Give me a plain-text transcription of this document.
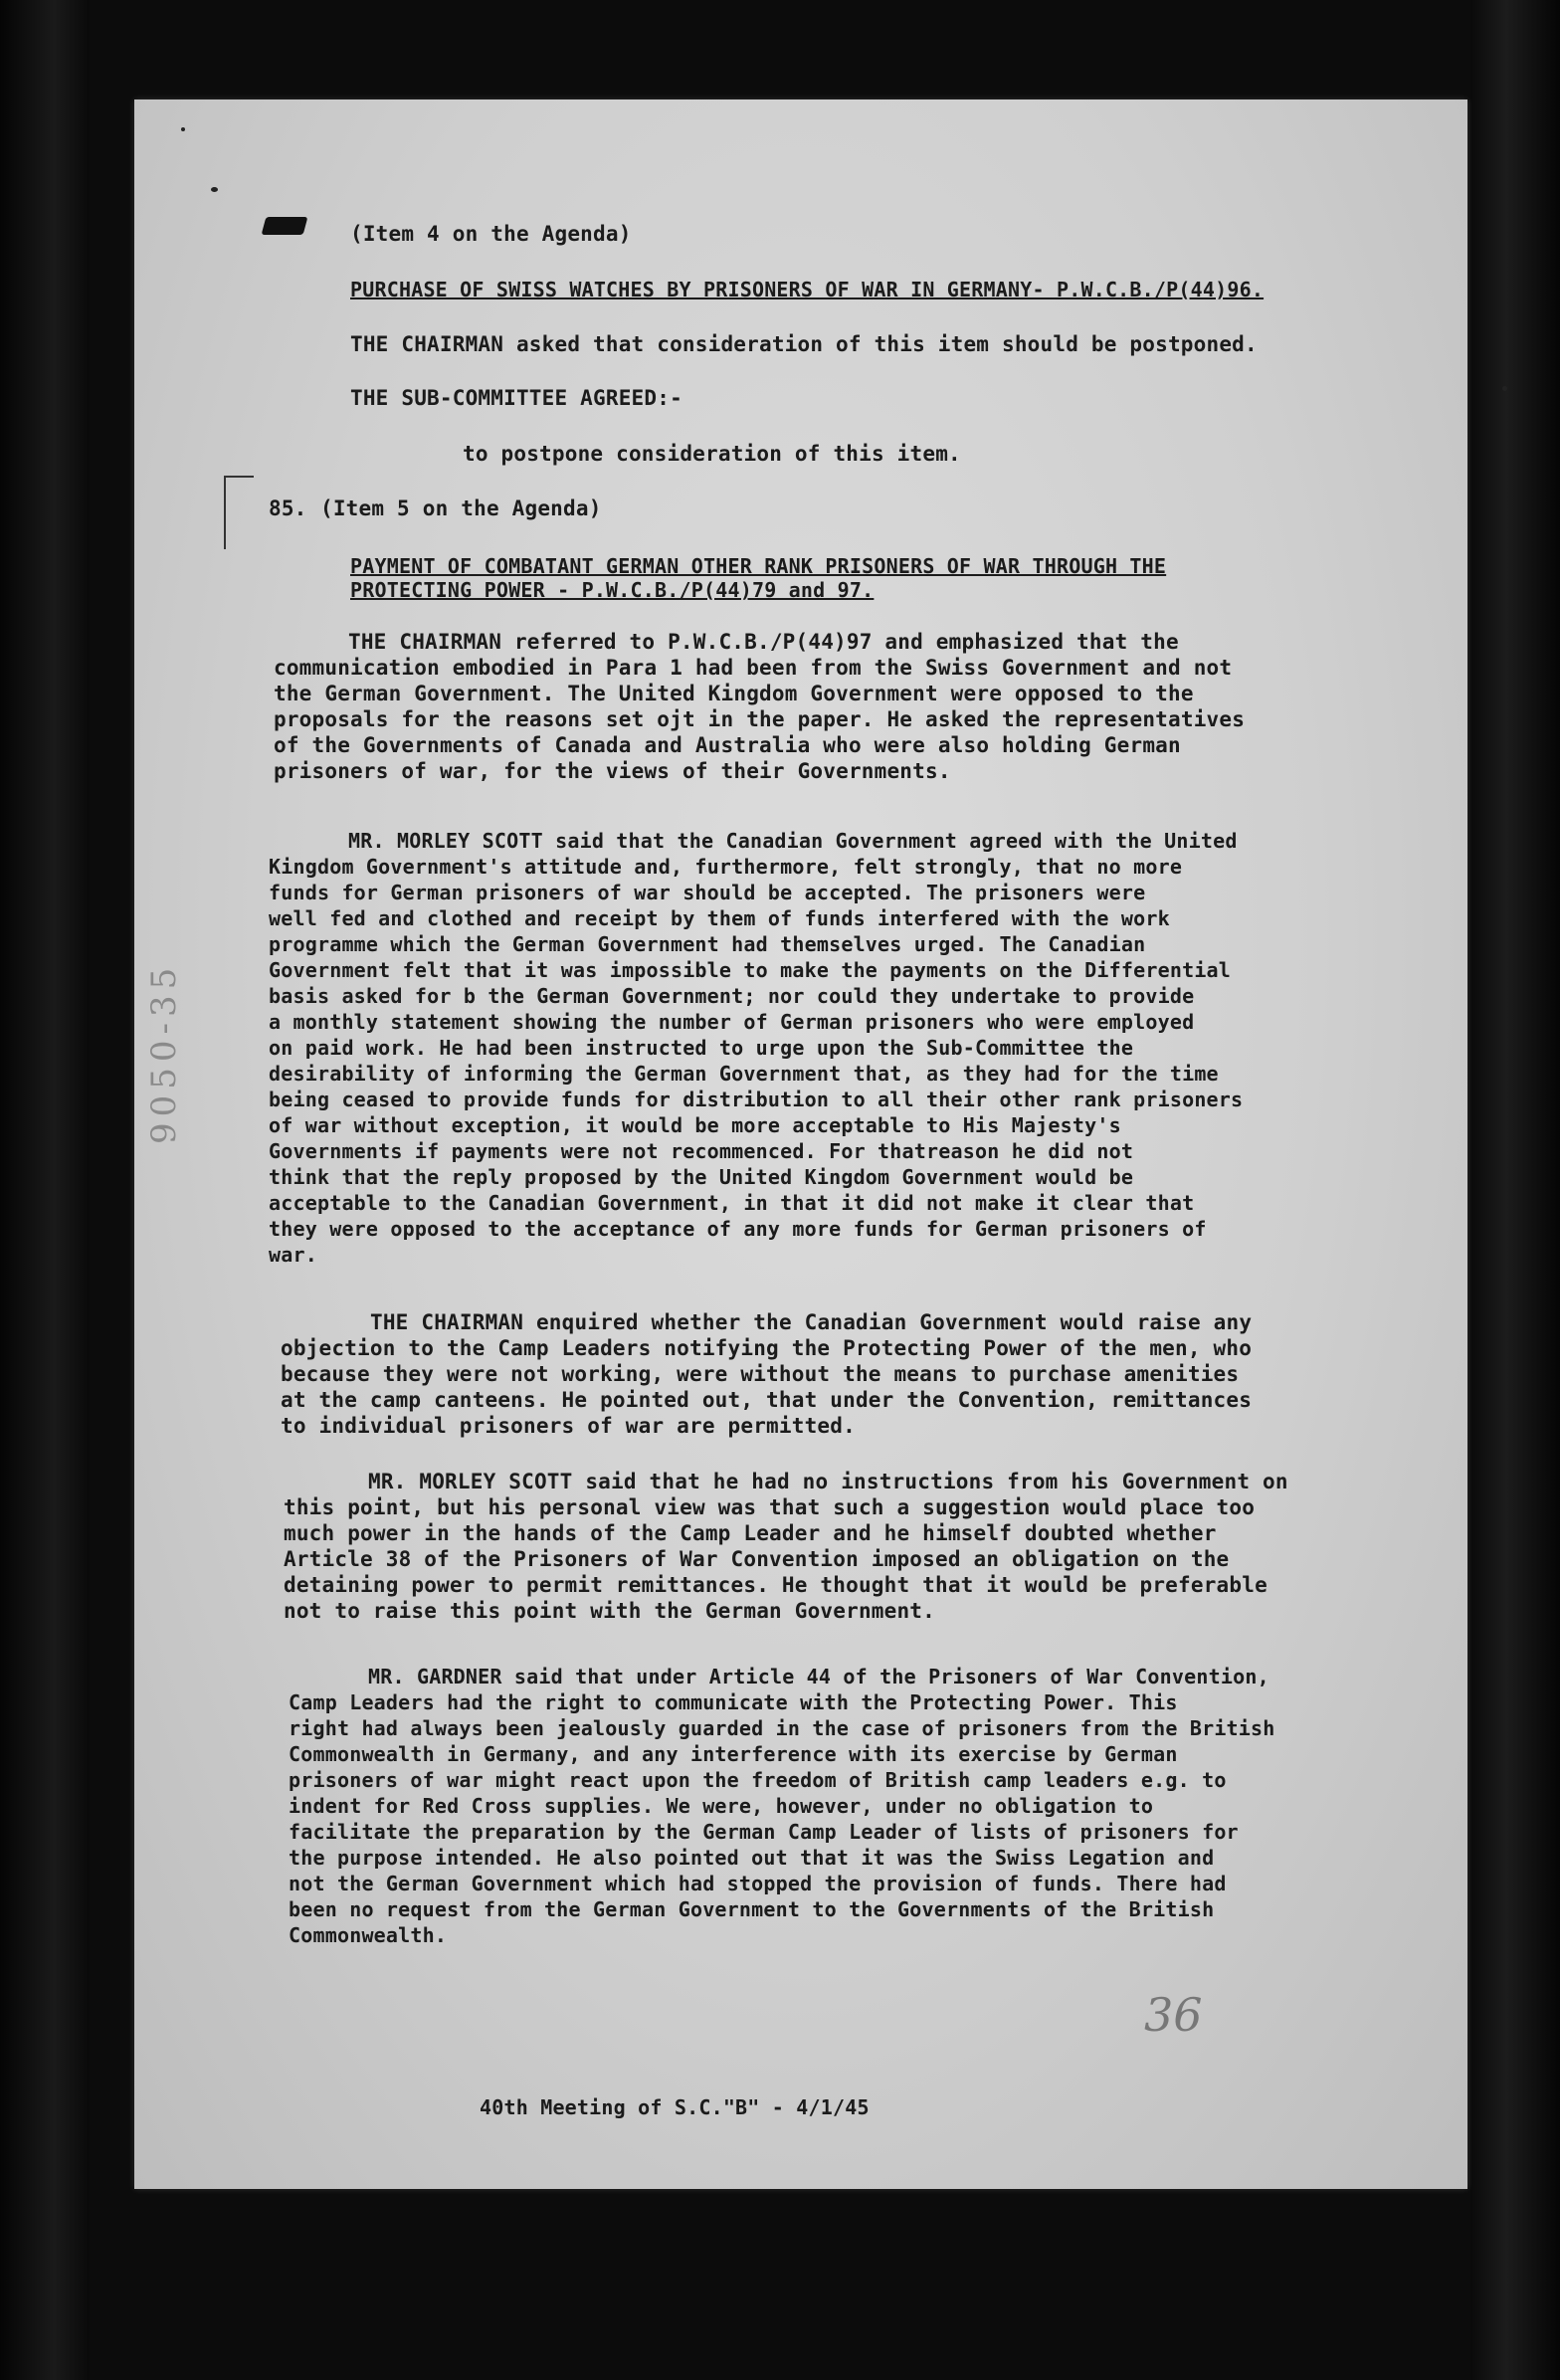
(Item 4 on the Agenda)
PURCHASE OF SWISS WATCHES BY PRISONERS OF WAR IN GERMANY- P.W.C.B./P(44)96.
THE CHAIRMAN asked that consideration of this item should be postponed.
THE SUB-COMMITTEE AGREED:-
to postpone consideration of this item.
85. (Item 5 on the Agenda)
PAYMENT OF COMBATANT GERMAN OTHER RANK PRISONERS OF WAR THROUGH THE
PROTECTING POWER - P.W.C.B./P(44)79 and 97.

THE CHAIRMAN referred to P.W.C.B./P(44)97 and emphasized that the

communication embodied in Para 1 had been from the Swiss Government and not

the German Government. The United Kingdom Government were opposed to the

proposals for the reasons set ojt in the paper. He asked the representatives

of the Governments of Canada and Australia who were also holding German

prisoners of war, for the views of their Governments.

MR. MORLEY SCOTT said that the Canadian Government agreed with the United

Kingdom Government's attitude and, furthermore, felt strongly, that no more

funds for German prisoners of war should be accepted. The prisoners were

well fed and clothed and receipt by them of funds interfered with the work

programme which the German Government had themselves urged. The Canadian

Government felt that it was impossible to make the payments on the Differential

basis asked for b the German Government; nor could they undertake to provide

a monthly statement showing the number of German prisoners who were employed

on paid work. He had been instructed to urge upon the Sub-Committee the

desirability of informing the German Government that, as they had for the time

being ceased to provide funds for distribution to all their other rank prisoners

of war without exception, it would be more acceptable to His Majesty's

Governments if payments were not recommenced. For thatreason he did not

think that the reply proposed by the United Kingdom Government would be

acceptable to the Canadian Government, in that it did not make it clear that

they were opposed to the acceptance of any more funds for German prisoners of

war.

THE CHAIRMAN enquired whether the Canadian Government would raise any

objection to the Camp Leaders notifying the Protecting Power of the men, who

because they were not working, were without the means to purchase amenities

at the camp canteens. He pointed out, that under the Convention, remittances

to individual prisoners of war are permitted.

MR. MORLEY SCOTT said that he had no instructions from his Government on

this point, but his personal view was that such a suggestion would place too

much power in the hands of the Camp Leader and he himself doubted whether

Article 38 of the Prisoners of War Convention imposed an obligation on the

detaining power to permit remittances. He thought that it would be preferable

not to raise this point with the German Government.

MR. GARDNER said that under Article 44 of the Prisoners of War Convention,

Camp Leaders had the right to communicate with the Protecting Power. This

right had always been jealously guarded in the case of prisoners from the British

Commonwealth in Germany, and any interference with its exercise by German

prisoners of war might react upon the freedom of British camp leaders e.g. to

indent for Red Cross supplies. We were, however, under no obligation to

facilitate the preparation by the German Camp Leader of lists of prisoners for

the purpose intended. He also pointed out that it was the Swiss Legation and

not the German Government which had stopped the provision of funds. There had

been no request from the German Government to the Governments of the British

Commonwealth.

9050-35
36
40th Meeting of S.C."B" - 4/1/45
